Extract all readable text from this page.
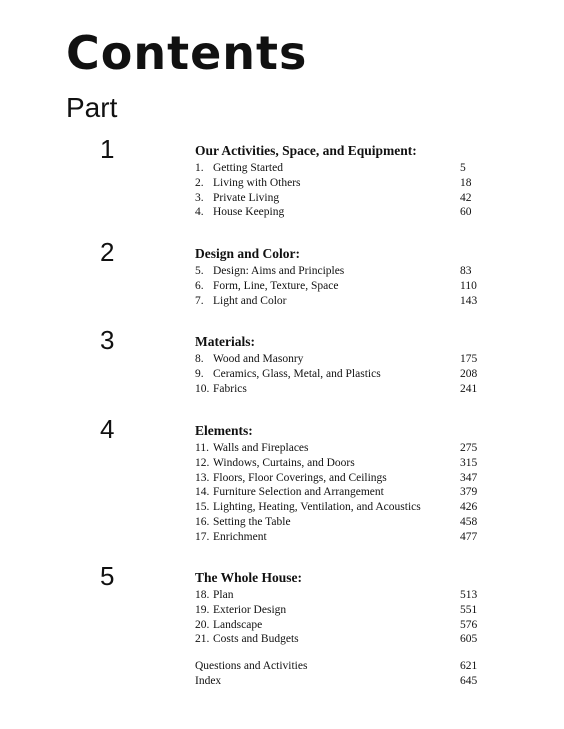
Contents
Part
1	Our Activities, Space, and Equipment:
1. Getting Started	5
2. Living with Others	18
3. Private Living	42
4. House Keeping	60
2	Design and Color:
5. Design: Aims and Principles	83
6. Form, Line, Texture, Space	110
7. Light and Color	143
3	Materials:
8. Wood and Masonry	175
9. Ceramics, Glass, Metal, and Plastics	208
10. Fabrics	241
4	Elements:
11. Walls and Fireplaces	275
12. Windows, Curtains, and Doors	315
13. Floors, Floor Coverings, and Ceilings	347
14. Furniture Selection and Arrangement	379
15. Lighting, Heating, Ventilation, and Acoustics	426
16. Setting the Table	458
17. Enrichment	477
5	The Whole House:
18. Plan	513
19. Exterior Design	551
20. Landscape	576
21. Costs and Budgets	605
Questions and Activities	621
Index	645
